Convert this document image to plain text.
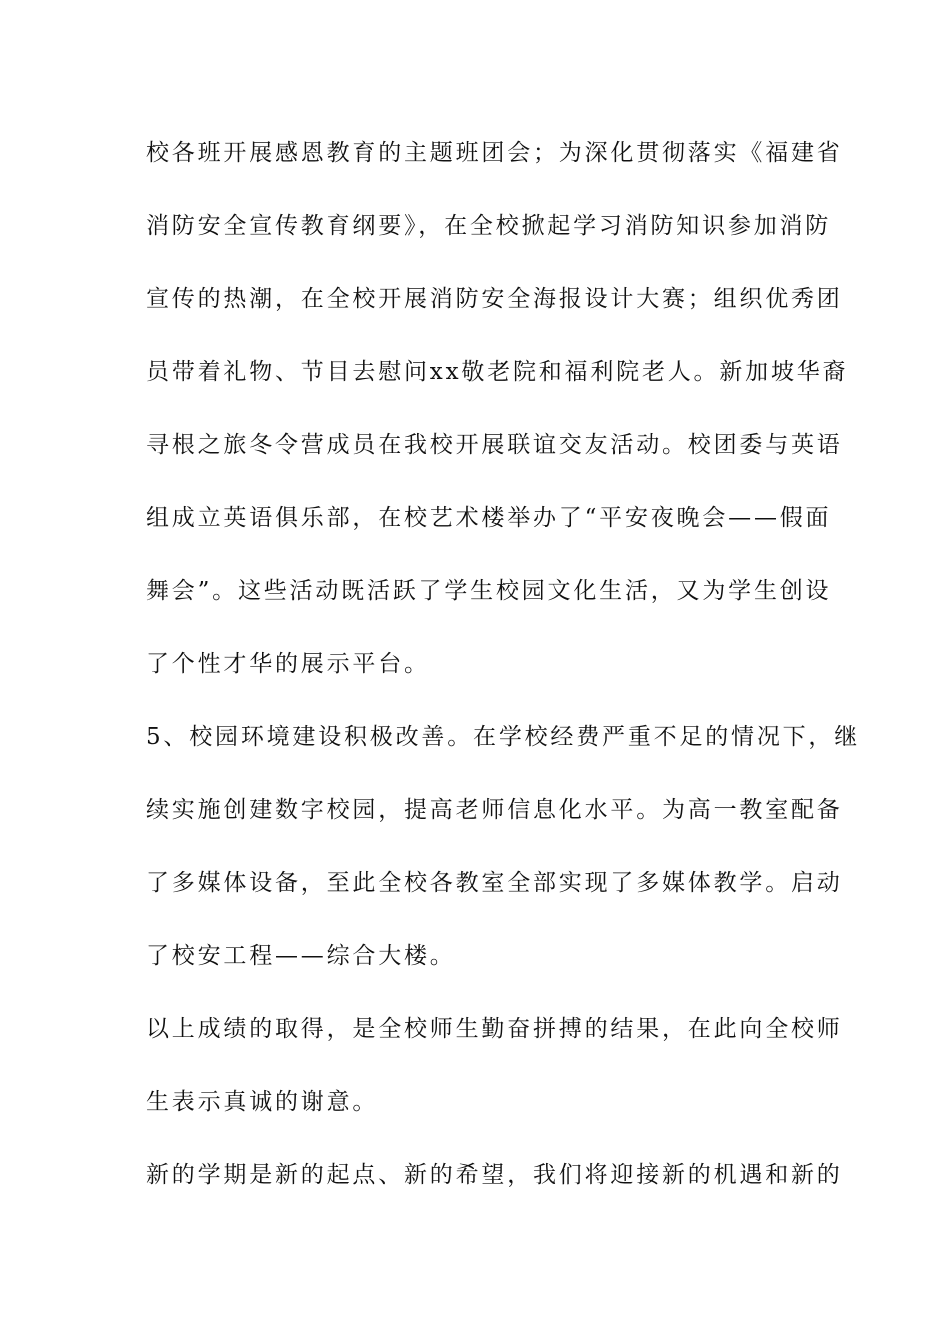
校各班开展感恩教育的主题班团会；为深化贯彻落实《福建省
消防安全宣传教育纲要》，在全校掀起学习消防知识参加消防
宣传的热潮，在全校开展消防安全海报设计大赛；组织优秀团
员带着礼物、节目去慰问xx敬老院和福利院老人。新加坡华裔
寻根之旅冬令营成员在我校开展联谊交友活动。校团委与英语
组成立英语俱乐部，在校艺术楼举办了“平安夜晚会——假面
舞会”。这些活动既活跃了学生校园文化生活，又为学生创设
了个性才华的展示平台。
5、校园环境建设积极改善。在学校经费严重不足的情况下，继
续实施创建数字校园，提高老师信息化水平。为高一教室配备
了多媒体设备，至此全校各教室全部实现了多媒体教学。启动
了校安工程——综合大楼。
以上成绩的取得，是全校师生勤奋拼搏的结果，在此向全校师
生表示真诚的谢意。
新的学期是新的起点、新的希望，我们将迎接新的机遇和新的
